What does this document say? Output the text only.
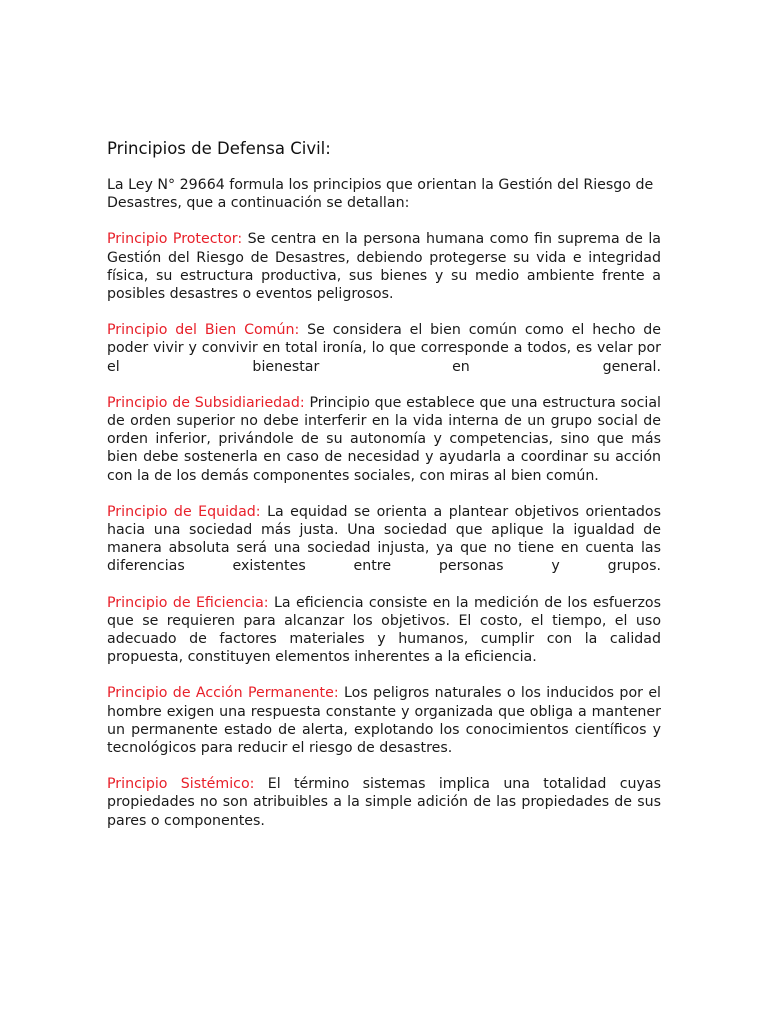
Principios de Defensa Civil:

La Ley N° 29664 formula los principios que orientan la Gestión del Riesgo de Desastres, que a continuación se detallan:

Principio Protector: Se centra en la persona humana como fin suprema de la Gestión del Riesgo de Desastres, debiendo protegerse su vida e integridad física, su estructura productiva, sus bienes y su medio ambiente frente a posibles desastres o eventos peligrosos.

Principio del Bien Común: Se considera el bien común como el hecho de poder vivir y convivir en total ironía, lo que corresponde a todos, es velar por el bienestar en general.

Principio de Subsidiariedad: Principio que establece que una estructura social de orden superior no debe interferir en la vida interna de un grupo social de orden inferior, privándole de su autonomía y competencias, sino que más bien debe sostenerla en caso de necesidad y ayudarla a coordinar su acción con la de los demás componentes sociales, con miras al bien común.

Principio de Equidad: La equidad se orienta a plantear objetivos orientados hacia una sociedad más justa. Una sociedad que aplique la igualdad de manera absoluta será una sociedad injusta, ya que no tiene en cuenta las diferencias existentes entre personas y grupos.

Principio de Eficiencia: La eficiencia consiste en la medición de los esfuerzos que se requieren para alcanzar los objetivos. El costo, el tiempo, el uso adecuado de factores materiales y humanos, cumplir con la calidad propuesta, constituyen elementos inherentes a la eficiencia.

Principio de Acción Permanente: Los peligros naturales o los inducidos por el hombre exigen una respuesta constante y organizada que obliga a mantener un permanente estado de alerta, explotando los conocimientos científicos y tecnológicos para reducir el riesgo de desastres.

Principio Sistémico: El término sistemas implica una totalidad cuyas propiedades no son atribuibles a la simple adición de las propiedades de sus pares o componentes.
